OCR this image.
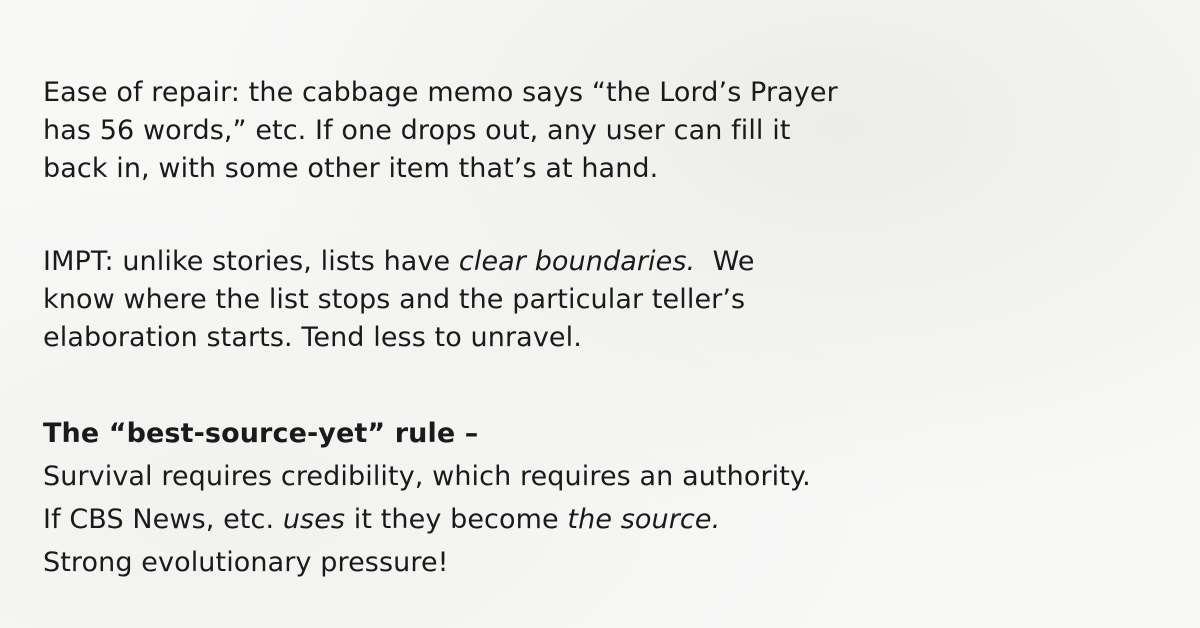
Ease of repair: the cabbage memo says “the Lord’s Prayer
has 56 words,” etc. If one drops out, any user can fill it
back in, with some other item that’s at hand.
IMPT: unlike stories, lists have clear boundaries.  We
know where the list stops and the particular teller’s
elaboration starts. Tend less to unravel.
The “best-source-yet” rule –
Survival requires credibility, which requires an authority.
If CBS News, etc. uses it they become the source.
Strong evolutionary pressure!
